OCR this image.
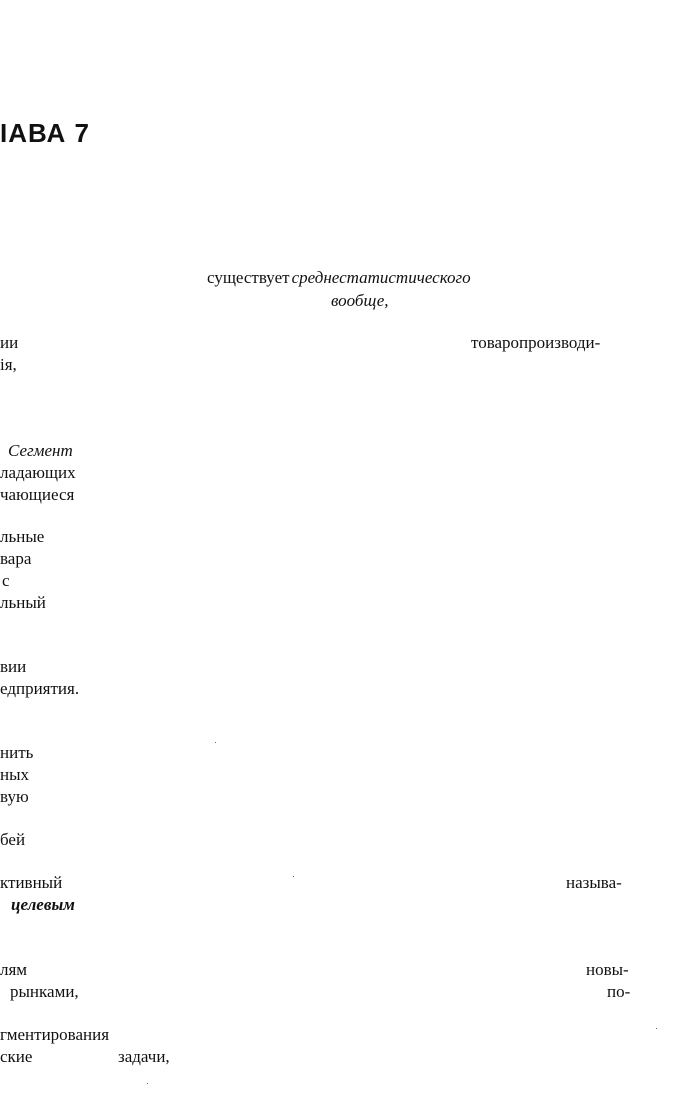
ІАВА 7
существует среднестатистического
вообще,
ии
ія,
товаропроизводи-
Сегмент
ладающих
чающиеся
льные
вара
с
льный
вии
едприятия.
нить
ных
вую
бей
ктивный	называ-
целевым
лям	новы-
рынками,	по-
гментирования
ские	задачи,
